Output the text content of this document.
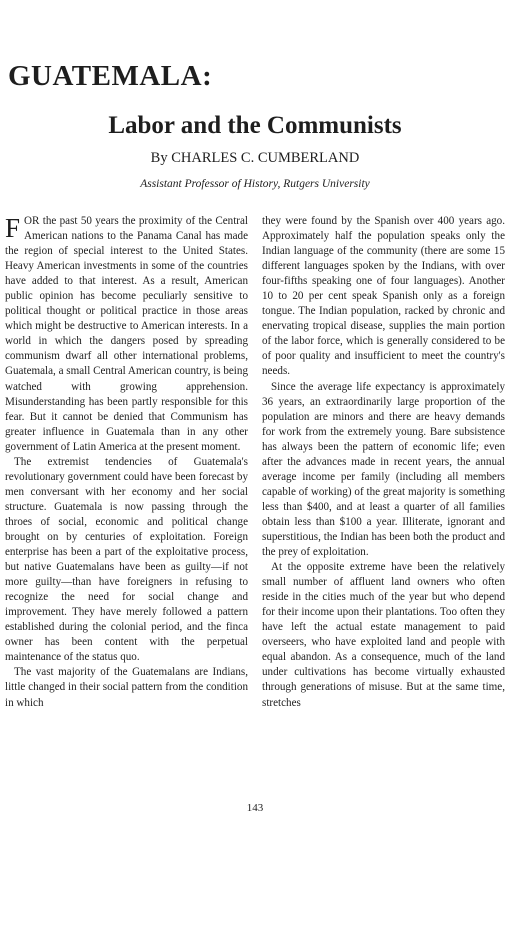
GUATEMALA:
Labor and the Communists
By CHARLES C. CUMBERLAND
Assistant Professor of History, Rutgers University

FOR the past 50 years the proximity of the Central American nations to the Panama Canal has made the region of special interest to the United States. Heavy American investments in some of the countries have added to that interest. As a result, American public opinion has become peculiarly sensitive to political thought or political practice in those areas which might be destructive to American interests. In a world in which the dangers posed by spreading communism dwarf all other international problems, Guatemala, a small Central American country, is being watched with growing apprehension. Misunderstanding has been partly responsible for this fear. But it cannot be denied that Communism has greater influence in Guatemala than in any other government of Latin America at the present moment.

The extremist tendencies of Guatemala's revolutionary government could have been forecast by men conversant with her economy and her social structure. Guatemala is now passing through the throes of social, economic and political change brought on by centuries of exploitation. Foreign enterprise has been a part of the exploitative process, but native Guatemalans have been as guilty—if not more guilty—than have foreigners in refusing to recognize the need for social change and improvement. They have merely followed a pattern established during the colonial period, and the finca owner has been content with the perpetual maintenance of the status quo.

The vast majority of the Guatemalans are Indians, little changed in their social pattern from the condition in which

they were found by the Spanish over 400 years ago. Approximately half the population speaks only the Indian language of the community (there are some 15 different languages spoken by the Indians, with over four-fifths speaking one of four languages). Another 10 to 20 per cent speak Spanish only as a foreign tongue. The Indian population, racked by chronic and enervating tropical disease, supplies the main portion of the labor force, which is generally considered to be of poor quality and insufficient to meet the country's needs.

Since the average life expectancy is approximately 36 years, an extraordinarily large proportion of the population are minors and there are heavy demands for work from the extremely young. Bare subsistence has always been the pattern of economic life; even after the advances made in recent years, the annual average income per family (including all members capable of working) of the great majority is something less than $400, and at least a quarter of all families obtain less than $100 a year. Illiterate, ignorant and superstitious, the Indian has been both the product and the prey of exploitation.

At the opposite extreme have been the relatively small number of affluent land owners who often reside in the cities much of the year but who depend for their income upon their plantations. Too often they have left the actual estate management to paid overseers, who have exploited land and people with equal abandon. As a consequence, much of the land under cultivations has become virtually exhausted through generations of misuse. But at the same time, stretches

143
